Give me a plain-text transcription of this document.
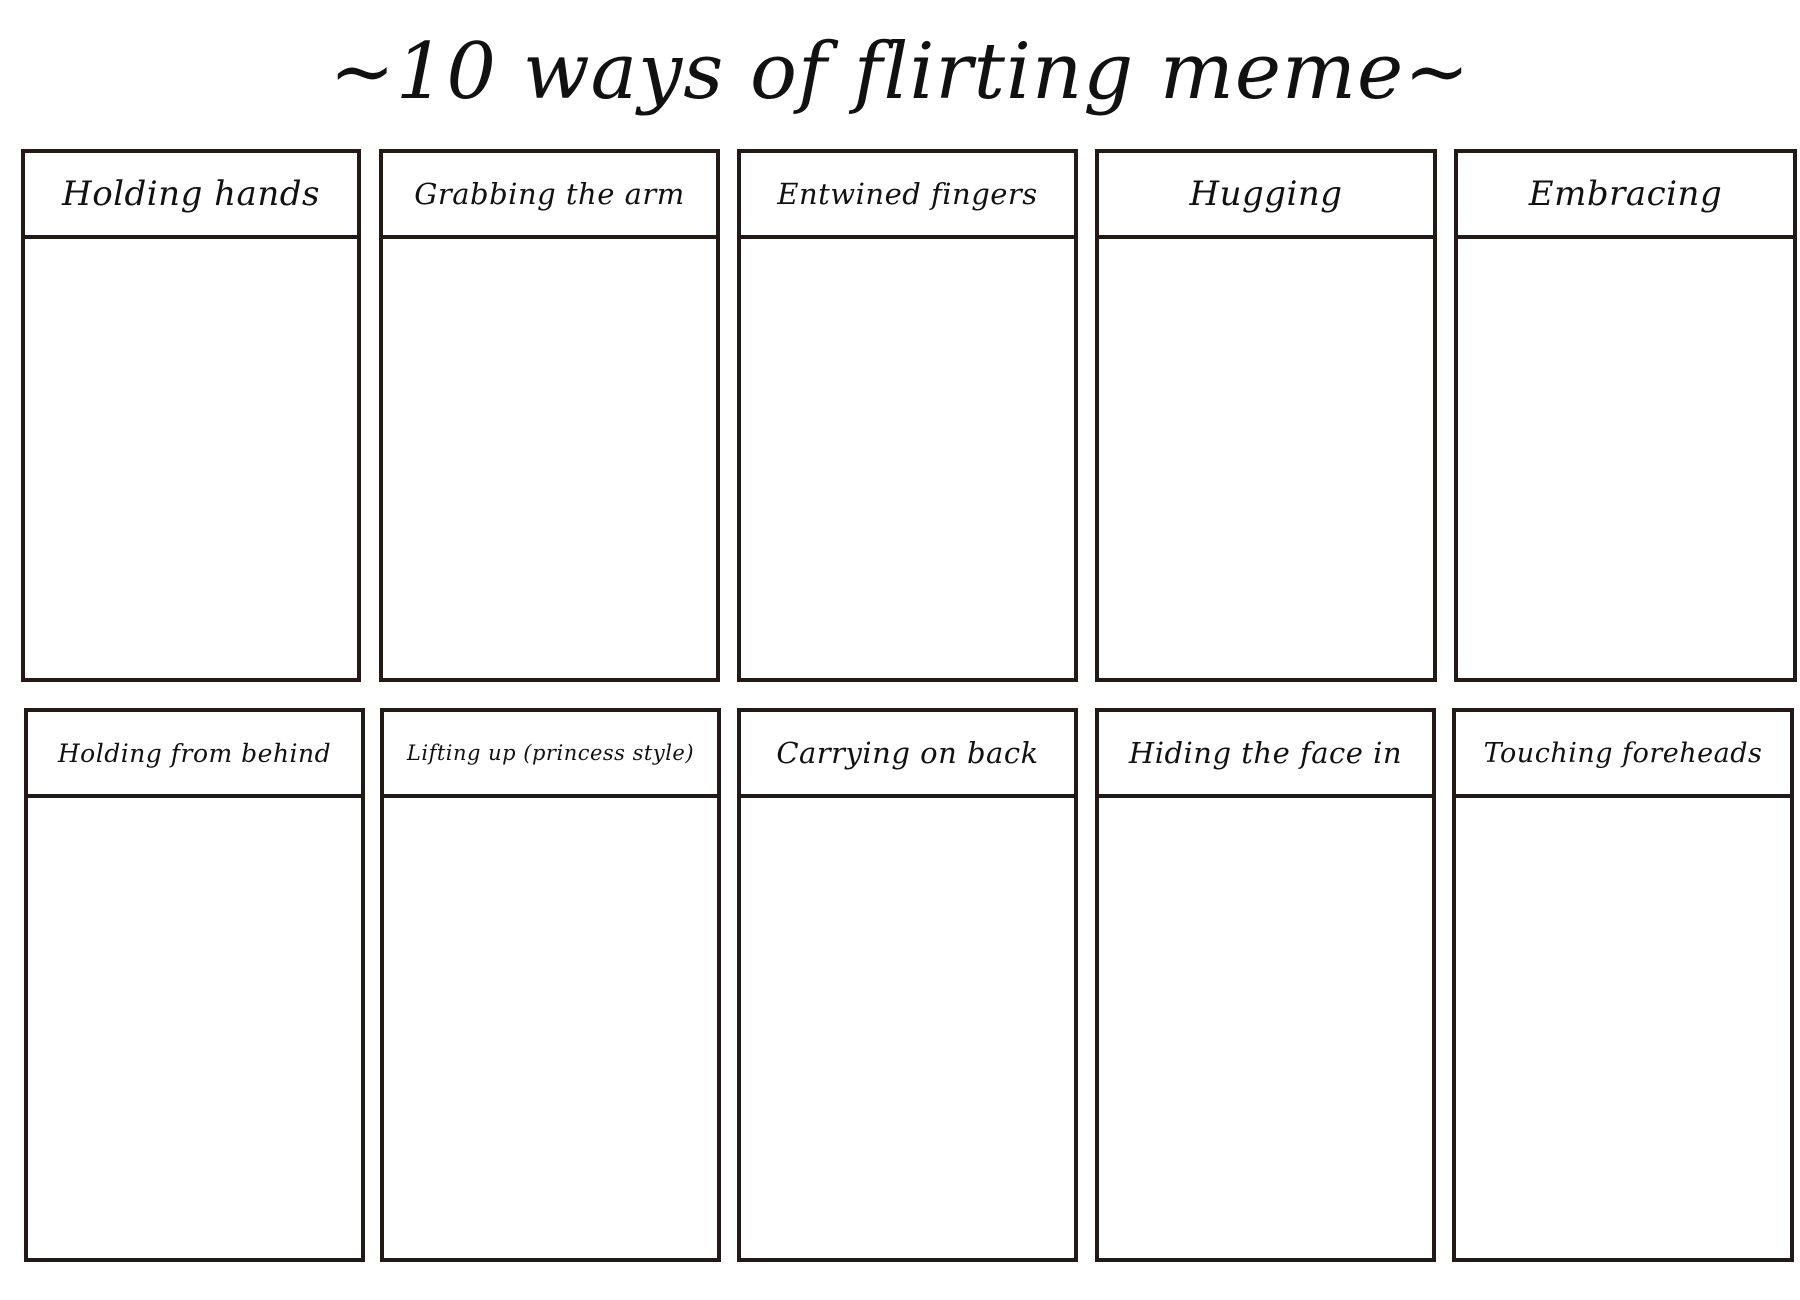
~10 ways of flirting meme~
Holding hands	Grabbing the arm	Entwined fingers	Hugging	Embracing
Holding from behind	Lifting up (princess style)	Carrying on back	Hiding the face in	Touching foreheads
